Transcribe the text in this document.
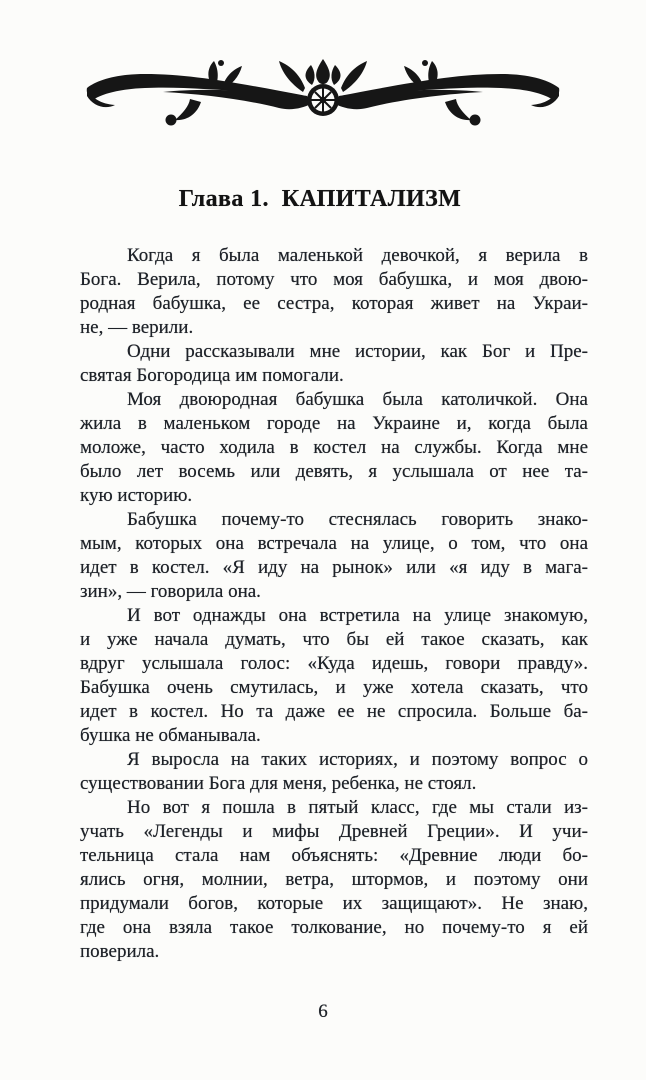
Глава 1.  КАПИТАЛИЗМ
Когда я была маленькой девочкой, я верила в
Бога. Верила, потому что моя бабушка, и моя двою-
родная бабушка, ее сестра, которая живет на Украи-
не, — верили.
Одни рассказывали мне истории, как Бог и Пре-
святая Богородица им помогали.
Моя двоюродная бабушка была католичкой. Она
жила в маленьком городе на Украине и, когда была
моложе, часто ходила в костел на службы. Когда мне
было лет восемь или девять, я услышала от нее та-
кую историю.
Бабушка почему-то стеснялась говорить знако-
мым, которых она встречала на улице, о том, что она
идет в костел. «Я иду на рынок» или «я иду в мага-
зин», — говорила она.
И вот однажды она встретила на улице знакомую,
и уже начала думать, что бы ей такое сказать, как
вдруг услышала голос: «Куда идешь, говори правду».
Бабушка очень смутилась, и уже хотела сказать, что
идет в костел. Но та даже ее не спросила. Больше ба-
бушка не обманывала.
Я выросла на таких историях, и поэтому вопрос о
существовании Бога для меня, ребенка, не стоял.
Но вот я пошла в пятый класс, где мы стали из-
учать «Легенды и мифы Древней Греции». И учи-
тельница стала нам объяснять: «Древние люди бо-
ялись огня, молнии, ветра, штормов, и поэтому они
придумали богов, которые их защищают». Не знаю,
где она взяла такое толкование, но почему-то я ей
поверила.
6
